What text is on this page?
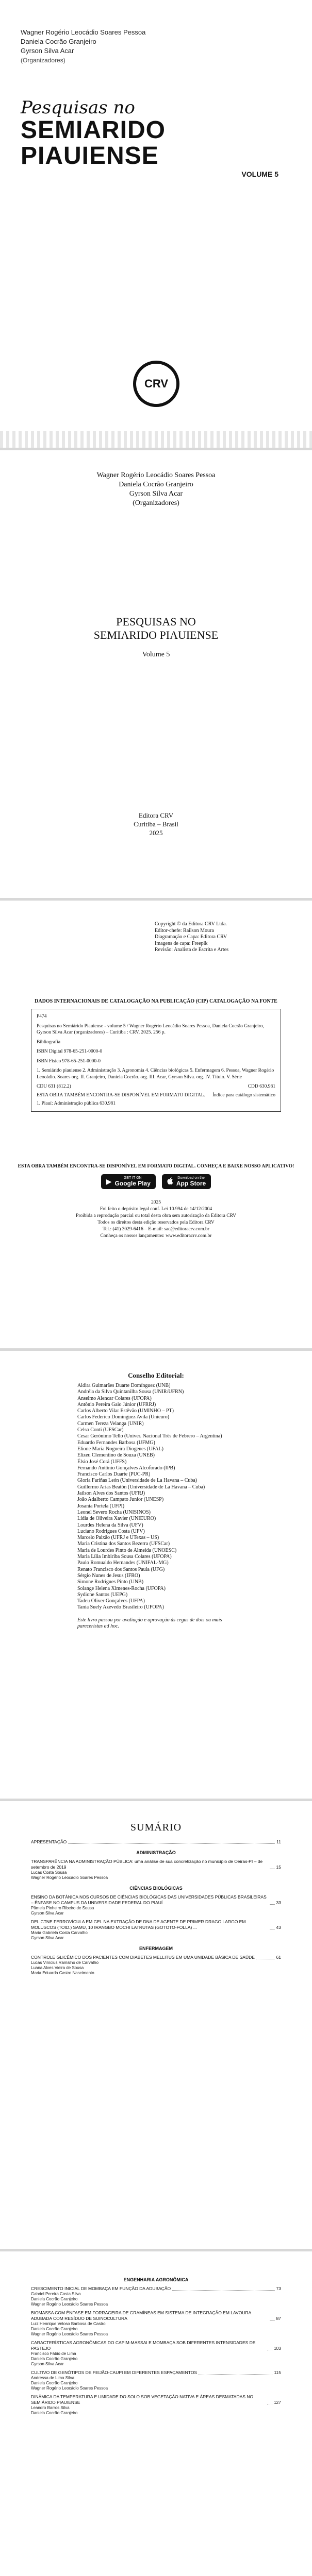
Wagner Rogério Leocádio Soares Pessoa
Daniela Cocrão Granjeiro
Gyrson Silva Acar
(Organizadores)
Pesquisas no
SEMIARIDO PIAUIENSE
VOLUME 5
CRV
Wagner Rogério Leocádio Soares Pessoa
Daniela Cocrão Granjeiro
Gyrson Silva Acar
(Organizadores)
PESQUISAS NO
SEMIARIDO PIAUIENSE
Volume 5
Editora CRV
Curitiba – Brasil
2025
Copyright © da Editora CRV Ltda.
Editor-chefe: Railson Moura
Diagramação e Capa: Editora CRV
Imagens de capa: Freepik
Revisão: Analista de Escrita e Artes
DADOS INTERNACIONAIS DE CATALOGAÇÃO NA PUBLICAÇÃO (CIP) CATALOGAÇÃO NA FONTE

P474

Pesquisas no Semiárido Piauiense - volume 5 / Wagner Rogério Leocádio Soares Pessoa, Daniela Cocrão Granjeiro, Gyrson Silva Acar (organizadores) – Curitiba : CRV, 2025. 256 p.

Bibliografia

ISBN Digital 978-65-251-0000-0

ISBN Físico 978-65-251-0000-0

1. Semiárido piauiense 2. Administração 3. Agronomia 4. Ciências biológicas 5. Enfermagem 6. Pessoa, Wagner Rogério Leocádio. Soares org. II. Granjeiro, Daniela Cocrão. org. III. Acar, Gyrson Silva. org. IV. Título. V. Série

CDU 631 (812.2)	CDD 630.981
ESTA OBRA TAMBÉM ENCONTRA-SE DISPONÍVEL EM FORMATO DIGITAL. Índice para catálogo sistemático
1. Piauí: Administração pública 630.981
ESTA OBRA TAMBÉM ENCONTRA-SE DISPONÍVEL EM FORMATO DIGITAL. CONHEÇA E BAIXE NOSSO APLICATIVO!
▶	GET IT ON
Google Play
Download on the
App Store
2025
Foi feito o depósito legal conf. Lei 10.994 de 14/12/2004
Proibida a reprodução parcial ou total desta obra sem autorização da Editora CRV
Todos os direitos desta edição reservados pela Editora CRV
Tel.: (41) 3029-6416 – E-mail: sac@editoracrv.com.br
Conheça os nossos lançamentos: www.editoracrv.com.br
Conselho Editorial:
Aldira Guimarães Duarte Domínguez (UNB)
Andréia da Silva Quintanilha Sousa (UNIR/UFRN)
Anselmo Alencar Colares (UFOPA)
Antônio Pereira Gaio Júnior (UFRRJ)
Carlos Alberto Vilar Estêvão (UMINHO – PT)
Carlos Federico Dominguez Avila (Unieuro)
Carmen Tereza Velanga (UNIR)
Celso Conti (UFSCar)
Cesar Gerónimo Tello (Univer. Nacional Três de Febrero – Argentina)
Eduardo Fernandes Barbosa (UFMG)
Elione Maria Nogueira Diogenes (UFAL)
Elizeu Clementino de Souza (UNEB)
Élsio José Corá (UFFS)
Fernando Antônio Gonçalves Alcoforado (IPB)
Francisco Carlos Duarte (PUC-PR)
Gloria Fariñas León (Universidade de La Havana – Cuba)
Guillermo Arias Beatón (Universidade de La Havana – Cuba)
Jailson Alves dos Santos (UFRJ)
João Adalberto Campato Junior (UNESP)
Josania Portela (UFPI)
Leonel Severo Rocha (UNISINOS)
Lídia de Oliveira Xavier (UNIEURO)
Lourdes Helena da Silva (UFV)
Luciano Rodrigues Costa (UFV)
Marcelo Paixão (UFRJ e UTexas – US)
Maria Cristina dos Santos Bezerra (UFSCar)
Maria de Lourdes Pinto de Almeida (UNOESC)
Maria Lília Imbiriba Sousa Colares (UFOPA)
Paulo Romualdo Hernandes (UNIFAL-MG)
Renato Francisco dos Santos Paula (UFG)
Sérgio Nunes de Jesus (IFRO)
Simone Rodrigues Pinto (UNB)
Solange Helena Ximenes-Rocha (UFOPA)
Sydione Santos (UEPG)
Tadeu Oliver Gonçalves (UFPA)
Tania Suely Azevedo Brasileiro (UFOPA)
Este livro passou por avaliação e aprovação às cegas de dois ou mais pareceristas ad hoc.
SUMÁRIO
APRESENTAÇÃO	11
ADMINISTRAÇÃO
TRANSPARÊNCIA NA ADMINISTRAÇÃO PÚBLICA: uma análise de sua concretização no município de Oeiras-PI – de setembro de 2019	15
Lucas Costa Sousa
Wagner Rogério Leocádio Soares Pessoa
CIÊNCIAS BIOLÓGICAS
ENSINO DA BOTÂNICA NOS CURSOS DE CIÊNCIAS BIOLÓGICAS DAS UNIVERSIDADES PÚBLICAS BRASILEIRAS – ÊNFASE NO CAMPUS DA UNIVERSIDADE FEDERAL DO PIAUÍ	33
Pâmela Pinheiro Ribeiro de Sousa
Gyrson Silva Acar
DEL CTNE FERROVÍCULA EM GEL NA EXTRAÇÃO DE DNA DE AGENTE DE PRIMER DRAGO LARGO EM MOLUSCOS (TOID.) SAMU, 10 IRANGBO MOCHI LATRUTAS (GOTOTO-FOLLA) ...	43
Maria Gabriela Costa Carvalho
Gyrson Silva Acar
ENFERMAGEM
CONTROLE GLICÊMICO DOS PACIENTES COM DIABETES MELLITUS EM UMA UNIDADE BÁSICA DE SAÚDE	61
Lucas Vinícius Ramalho de Carvalho
Luana Alves Vieira de Sousa
Maria Eduarda Castro Nascimento
ENGENHARIA AGRONÔMICA
CRESCIMENTO INICIAL DE MOMBAÇA EM FUNÇÃO DA ADUBAÇÃO	73
Gabriel Pereira Costa Silva
Daniela Cocrão Granjeiro
Wagner Rogério Leocádio Soares Pessoa
BIOMASSA COM ÊNFASE EM FORRAGEIRA DE GRAMÍNEAS EM SISTEMA DE INTEGRAÇÃO EM LAVOURA ADUBADA COM RESÍDUO DE SUINOCULTURA	87
Luiz Henrique Veloso Barbosa de Castro
Daniela Cocrão Granjeiro
Wagner Rogério Leocádio Soares Pessoa
CARACTERÍSTICAS AGRONÔMICAS DO CAPIM-MASSAI E MOMBAÇA SOB DIFERENTES INTENSIDADES DE PASTEJO	103
Francisco Fábio de Lima
Daniela Cocrão Granjeiro
Gyrson Silva Acar
CULTIVO DE GENÓTIPOS DE FEIJÃO-CAUPI EM DIFERENTES ESPAÇAMENTOS	115
Andressa de Lima Silva
Daniela Cocrão Granjeiro
Wagner Rogério Leocádio Soares Pessoa
DINÂMICA DA TEMPERATURA E UMIDADE DO SOLO SOB VEGETAÇÃO NATIVA E ÁREAS DESMATADAS NO SEMIÁRIDO PIAUIENSE	127
Leandro Barros Silva
Daniela Cocrão Granjeiro
